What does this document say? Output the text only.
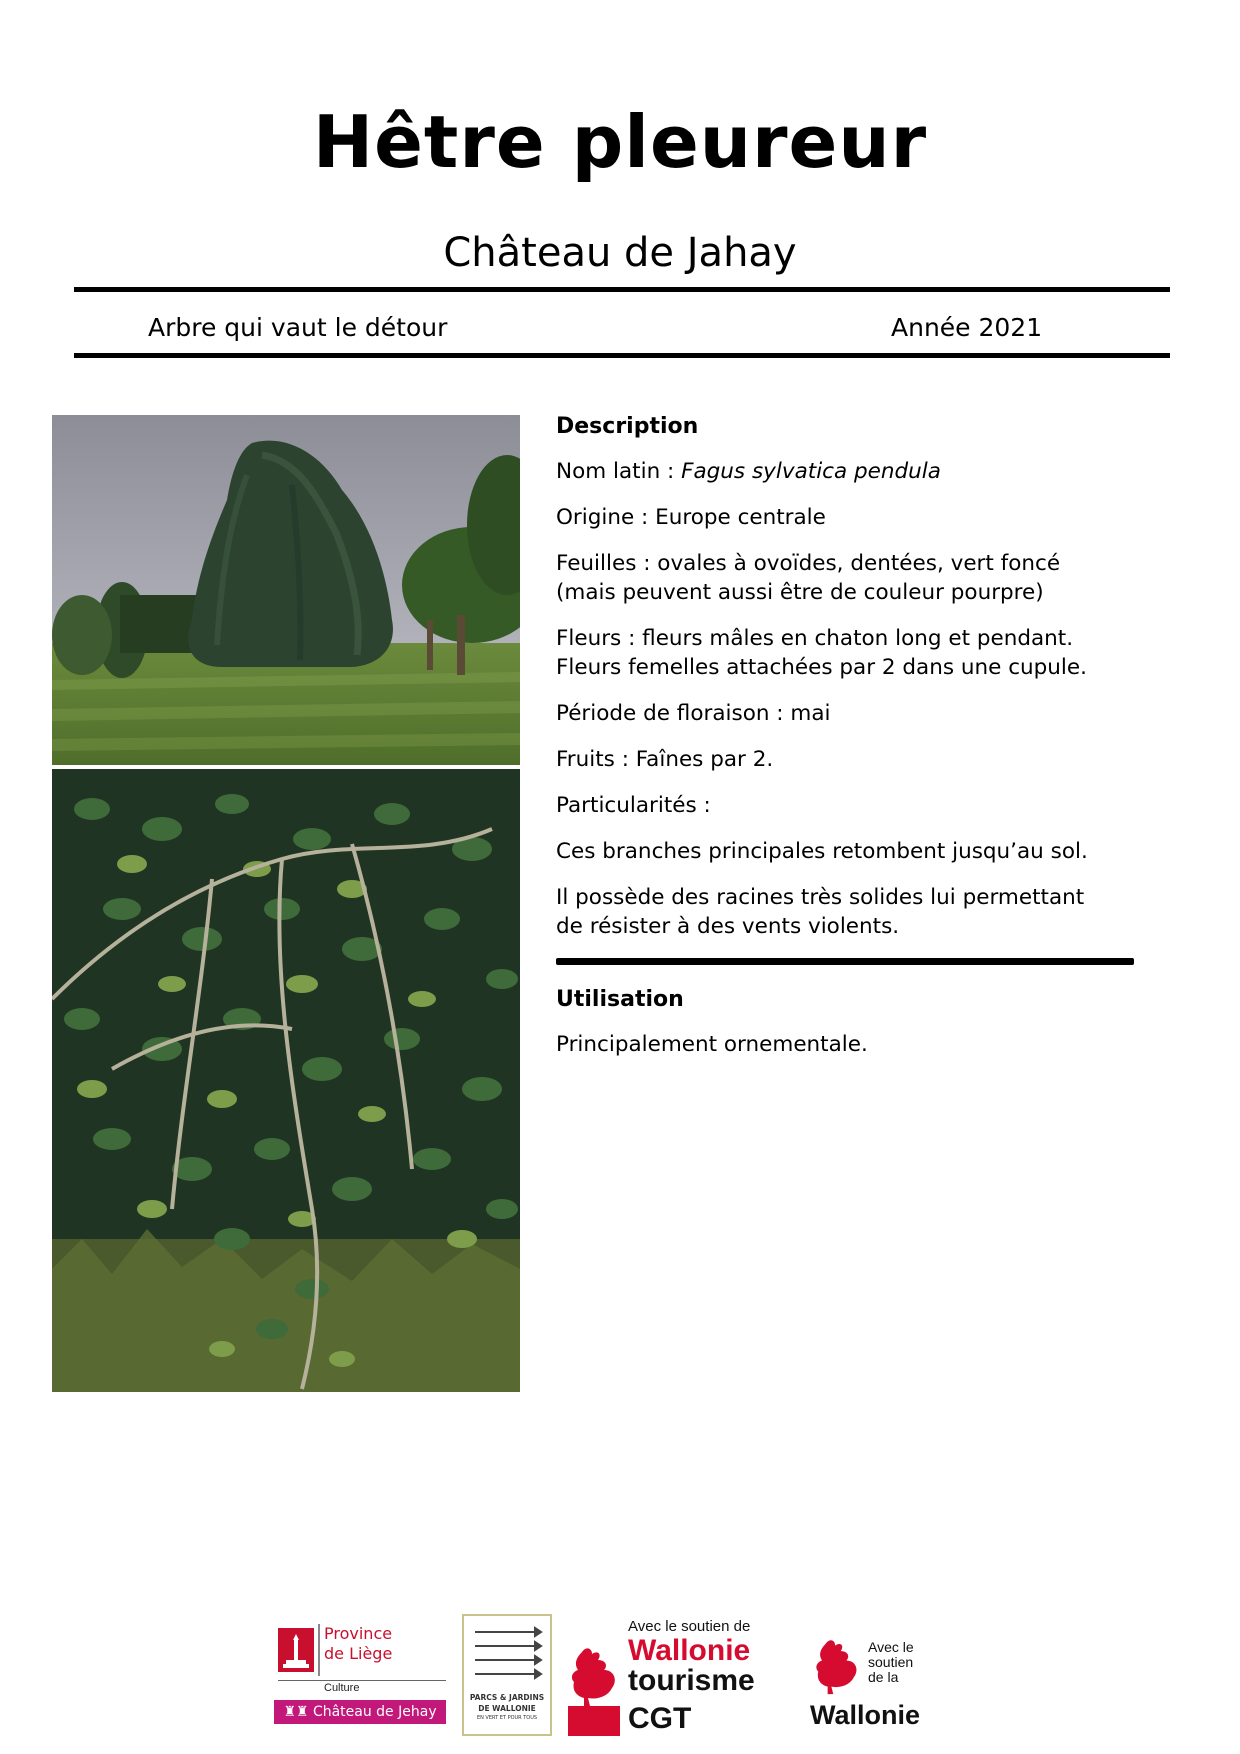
Hêtre pleureur
Château de Jahay
Arbre qui vaut le détour	Année 2021
Description

Nom latin : Fagus sylvatica pendula

Origine : Europe centrale

Feuilles : ovales à ovoïdes, dentées, vert foncé (mais peuvent aussi être de couleur pourpre)

Fleurs : fleurs mâles en chaton long et pendant.
Fleurs femelles attachées par 2 dans une cupule.

Période de floraison : mai

Fruits : Faînes par 2.

Particularités :

Ces branches principales retombent jusqu’au sol.

Il possède des racines très solides lui permettant de résister à des vents violents.

Utilisation

Principalement ornementale.

Province
de Liège
Culture
♜♜ Château de Jehay
PARCS & JARDINS
DE WALLONIE
EN VERT ET POUR TOUS
Avec le soutien de
Wallonie
tourisme
CGT
Avec le
soutien
de la
Wallonie
